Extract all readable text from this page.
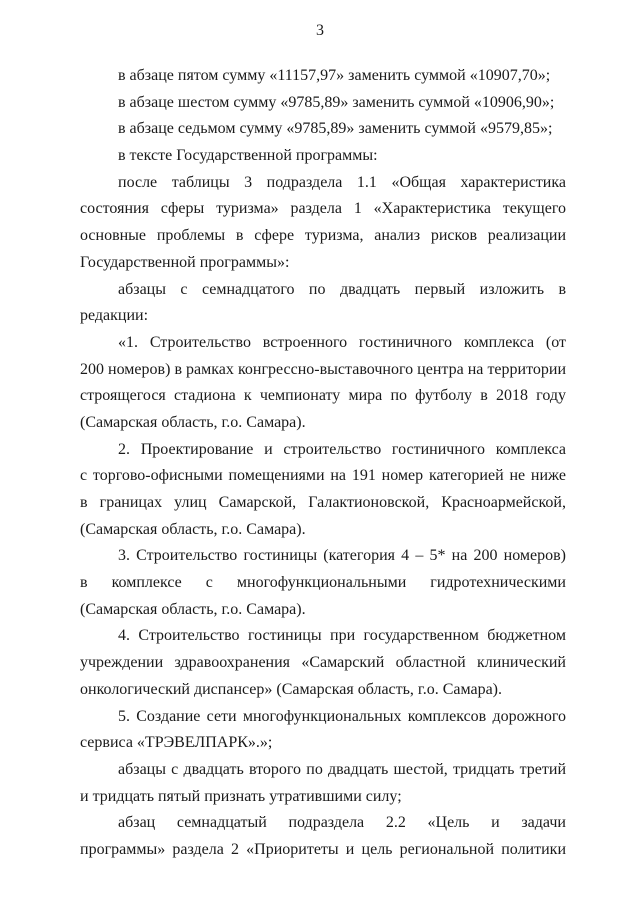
3
в абзаце пятом сумму «11157,97» заменить суммой «10907,70»;
в абзаце шестом сумму «9785,89» заменить суммой «10906,90»;
в абзаце седьмом сумму «9785,89» заменить суммой «9579,85»;
в тексте Государственной программы:
после таблицы 3 подраздела 1.1 «Общая характеристика
состояния сферы туризма» раздела 1 «Характеристика текущего
основные проблемы в сфере туризма, анализ рисков реализации
Государственной программы»:
абзацы с семнадцатого по двадцать первый изложить в
редакции:
«1. Строительство встроенного гостиничного комплекса (от
200 номеров) в рамках конгрессно-выставочного центра на территории
строящегося стадиона к чемпионату мира по футболу в 2018 году
(Самарская область, г.о. Самара).
2. Проектирование и строительство гостиничного комплекса
с торгово-офисными помещениями на 191 номер категорией не ниже
в границах улиц Самарской, Галактионовской, Красноармейской,
(Самарская область, г.о. Самара).
3. Строительство гостиницы (категория 4 – 5* на 200 номеров)
в комплексе с многофункциональными гидротехническими
(Самарская область, г.о. Самара).
4. Строительство гостиницы при государственном бюджетном
учреждении здравоохранения «Самарский областной клинический
онкологический диспансер» (Самарская область, г.о. Самара).
5. Создание сети многофункциональных комплексов дорожного
сервиса «ТРЭВЕЛПАРК».»;
абзацы с двадцать второго по двадцать шестой, тридцать третий
и тридцать пятый признать утратившими силу;
абзац семнадцатый подраздела 2.2 «Цель и задачи
программы» раздела 2 «Приоритеты и цель региональной политики
